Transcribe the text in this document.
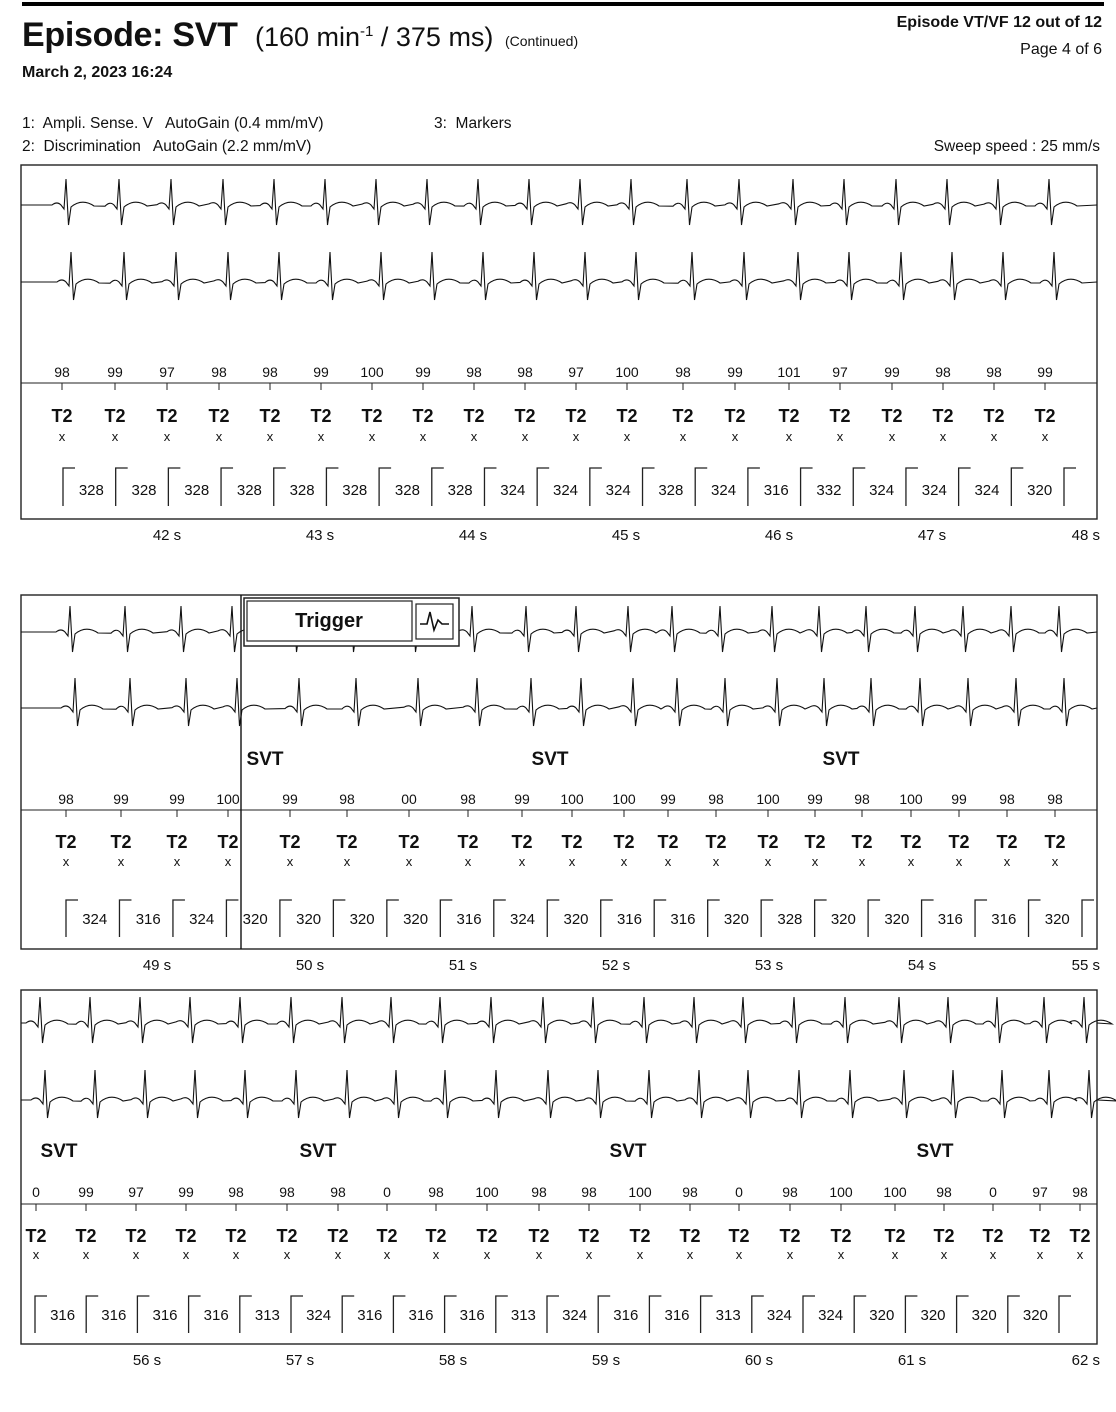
Episode: SVT (160 $\min^{-1} / 375$ ms) (Continued)
March 2, 2023 16:24
Episode VT/VF 12 out of 12
Page 4 of 6
1:  Ampli. Sense. V   AutoGain (0.4 mm/mV)
2:  Discrimination   AutoGain (2.2 mm/mV)
3:  Markers
Sweep speed : 25 mm/s
98
T2
x
99
T2
x
97
T2
x
98
T2
x
98
T2
x
99
T2
x
100
T2
x
99
T2
x
98
T2
x
98
T2
x
97
T2
x
100
T2
x
98
T2
x
99
T2
x
101
T2
x
97
T2
x
99
T2
x
98
T2
x
98
T2
x
99
T2
x
328 328 328 328 328 328 328 328 324 324 324 328 324 316 332 324 324 324 320
42 s	43 s	44 s	45 s	46 s	47 s	48 s
SVT	SVT	SVT
98
T2
x
99
T2
x
99
T2
x
100
T2
x
99
T2
x
98
T2
x
00
T2
x
98
T2
x
99
T2
x
100
T2
x
100
T2
x
99
T2
x
98
T2
x
100
T2
x
99
T2
x
98
T2
x
100
T2
x
99
T2
x
98
T2
x
98
T2
x
324 316 324 320 320 320 320 316 324 320 316 316 320 328 320 320 316 316 320
49 s	50 s	51 s	52 s	53 s	54 s	55 s
Trigger
SVT	SVT	SVT	SVT
0
T2
x
99
T2
x
97
T2
x
99
T2
x
98
T2
x
98
T2
x
98
T2
x
0
T2
x
98
T2
x
100
T2
x
98
T2
x
98
T2
x
100
T2
x
98
T2
x
0
T2
x
98
T2
x
100
T2
x
100
T2
x
98
T2
x
0
T2
x
97
T2
x
98
T2
x
316 316 316 316 313 324 316 316 316 313 324 316 316 313 324 324 320 320 320 320
56 s	57 s	58 s	59 s	60 s	61 s	62 s
